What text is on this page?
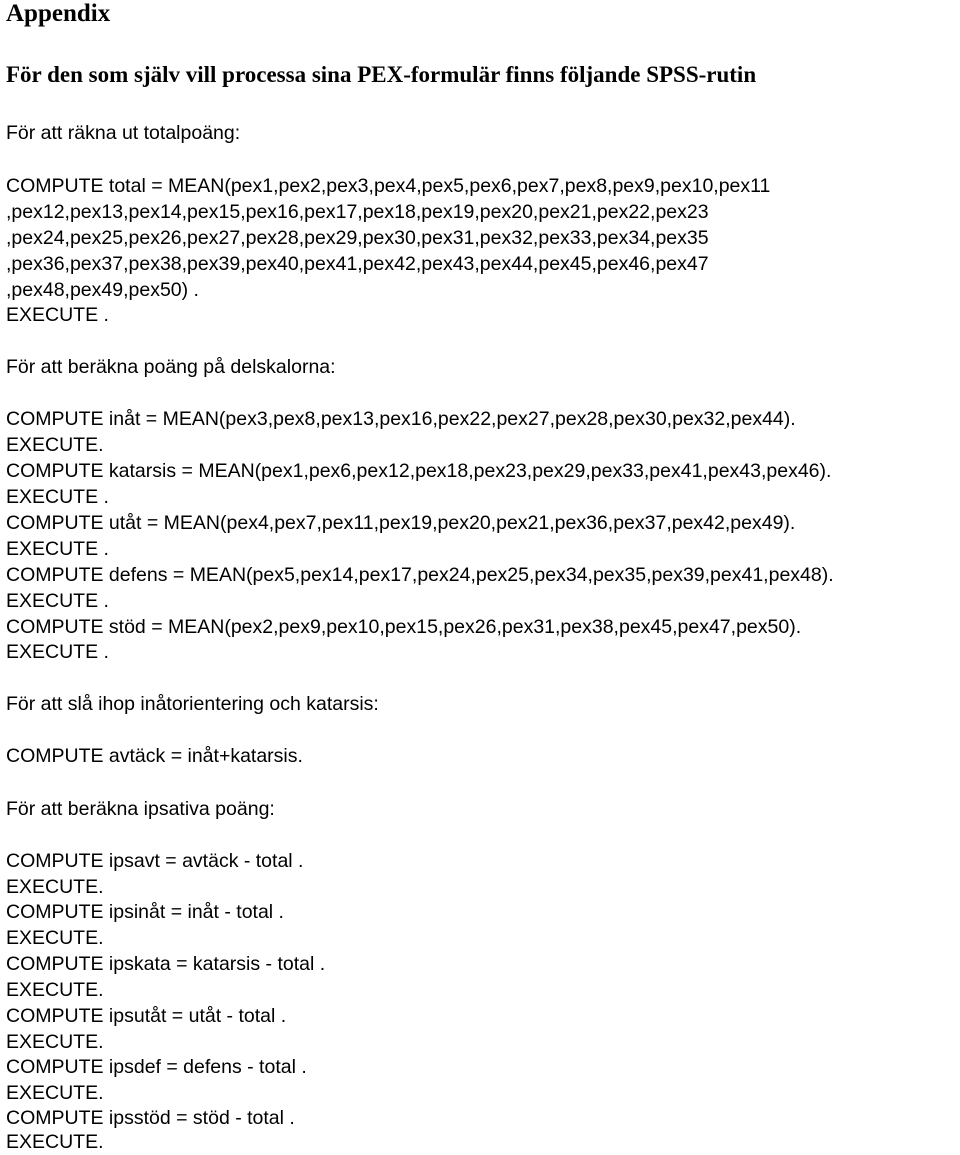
Appendix
För den som själv vill processa sina PEX-formulär finns följande SPSS-rutin
För att räkna ut totalpoäng:
COMPUTE total = MEAN(pex1,pex2,pex3,pex4,pex5,pex6,pex7,pex8,pex9,pex10,pex11
,pex12,pex13,pex14,pex15,pex16,pex17,pex18,pex19,pex20,pex21,pex22,pex23
,pex24,pex25,pex26,pex27,pex28,pex29,pex30,pex31,pex32,pex33,pex34,pex35
,pex36,pex37,pex38,pex39,pex40,pex41,pex42,pex43,pex44,pex45,pex46,pex47
,pex48,pex49,pex50) .
EXECUTE .
För att beräkna poäng på delskalorna:
COMPUTE inåt = MEAN(pex3,pex8,pex13,pex16,pex22,pex27,pex28,pex30,pex32,pex44).
EXECUTE.
COMPUTE katarsis = MEAN(pex1,pex6,pex12,pex18,pex23,pex29,pex33,pex41,pex43,pex46).
EXECUTE .
COMPUTE utåt = MEAN(pex4,pex7,pex11,pex19,pex20,pex21,pex36,pex37,pex42,pex49).
EXECUTE .
COMPUTE defens = MEAN(pex5,pex14,pex17,pex24,pex25,pex34,pex35,pex39,pex41,pex48).
EXECUTE .
COMPUTE stöd = MEAN(pex2,pex9,pex10,pex15,pex26,pex31,pex38,pex45,pex47,pex50).
EXECUTE .
För att slå ihop inåtorientering och katarsis:
COMPUTE avtäck = inåt+katarsis.
För att beräkna ipsativa poäng:
COMPUTE ipsavt = avtäck - total .
EXECUTE.
COMPUTE ipsinåt = inåt - total .
EXECUTE.
COMPUTE ipskata = katarsis - total .
EXECUTE.
COMPUTE ipsutåt = utåt - total .
EXECUTE.
COMPUTE ipsdef = defens - total .
EXECUTE.
COMPUTE ipsstöd = stöd - total .
EXECUTE.
